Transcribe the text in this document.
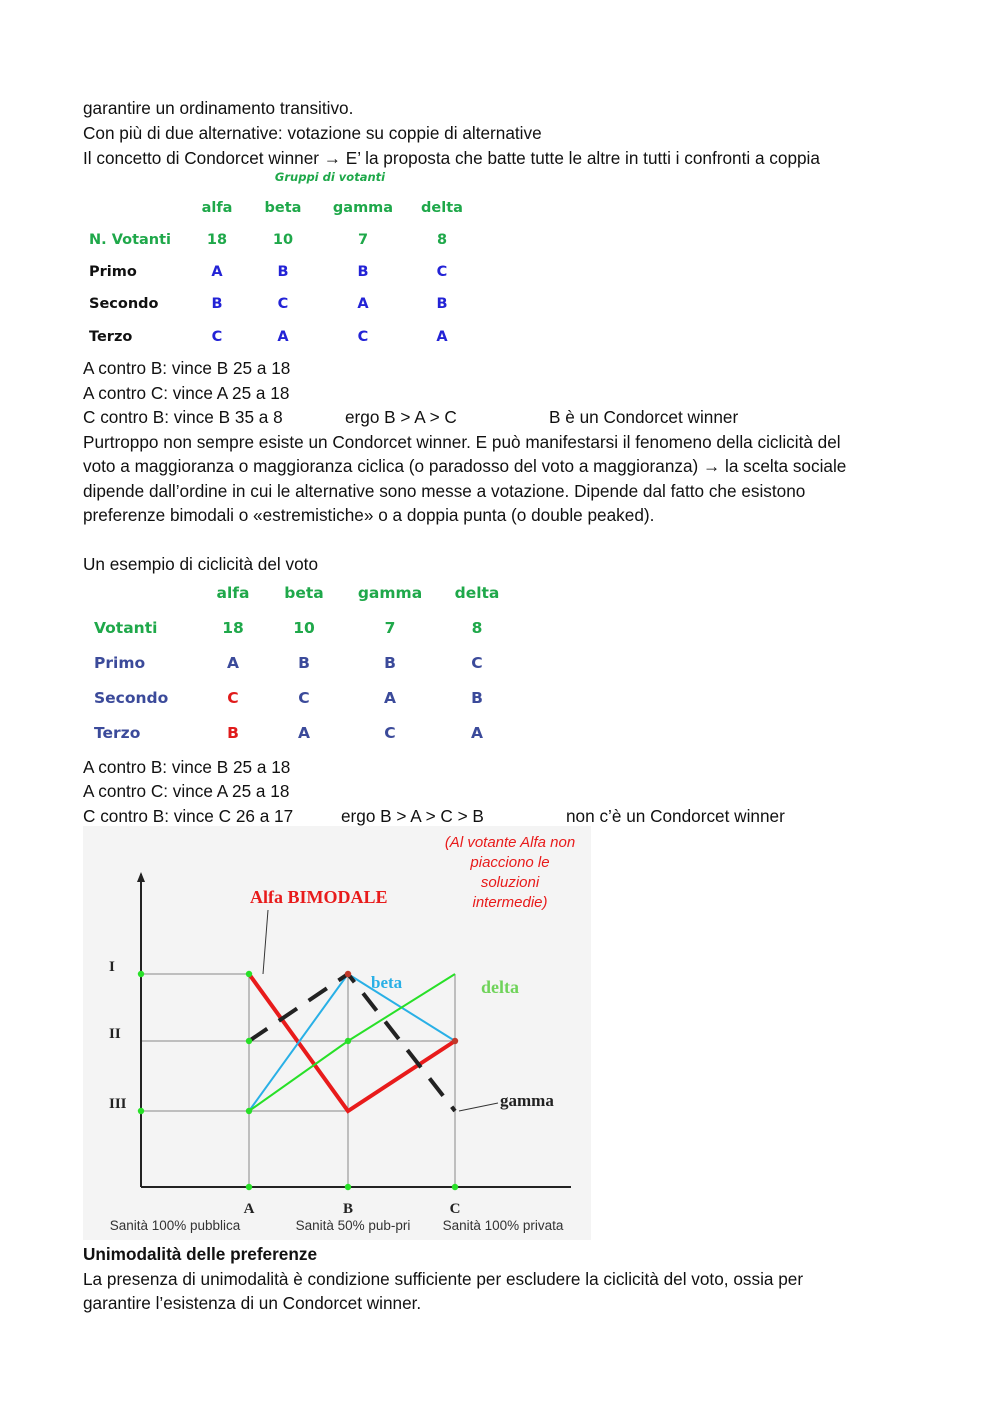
garantire un ordinamento transitivo.
Con più di due alternative: votazione su coppie di alternative
Il concetto di Condorcet winner → E’ la proposta che batte tutte le altre in tutti i confronti a coppia
Gruppi di votanti
alfa beta gamma delta
N. Votanti 18	10	7	8
Primo	A	B	B	C
Secondo	B	C	A	B
Terzo	C	A	C	A
A contro B: vince B 25 a 18
A contro C: vince A 25 a 18
C contro B: vince B 35 a 8	ergo B > A > C	B è un Condorcet winner
Purtroppo non sempre esiste un Condorcet winner. E può manifestarsi il fenomeno della ciclicità del
voto a maggioranza o maggioranza ciclica (o paradosso del voto a maggioranza) → la scelta sociale
dipende dall’ordine in cui le alternative sono messe a votazione. Dipende dal fatto che esistono
preferenze bimodali o «estremistiche» o a doppia punta (o double peaked).
Un esempio di ciclicità del voto
alfa beta gamma delta
Votanti	18	10	7	8
Primo	A	B	B	C
Secondo	C	C	A	B
Terzo	B	A	C	A
A contro B: vince B 25 a 18
A contro C: vince A 25 a 18
C contro B: vince C 26 a 17	ergo B > A > C > B	non c’è un Condorcet winner
I
II
III
A	B	C
Sanità 100% pubblica	Sanità 50% pub-pri Sanità 100% privata
Alfa BIMODALE
beta	delta
gamma
(Al votante Alfa non
piacciono le
soluzioni
intermedie)
Unimodalità delle preferenze
La presenza di unimodalità è condizione sufficiente per escludere la ciclicità del voto, ossia per
garantire l’esistenza di un Condorcet winner.
